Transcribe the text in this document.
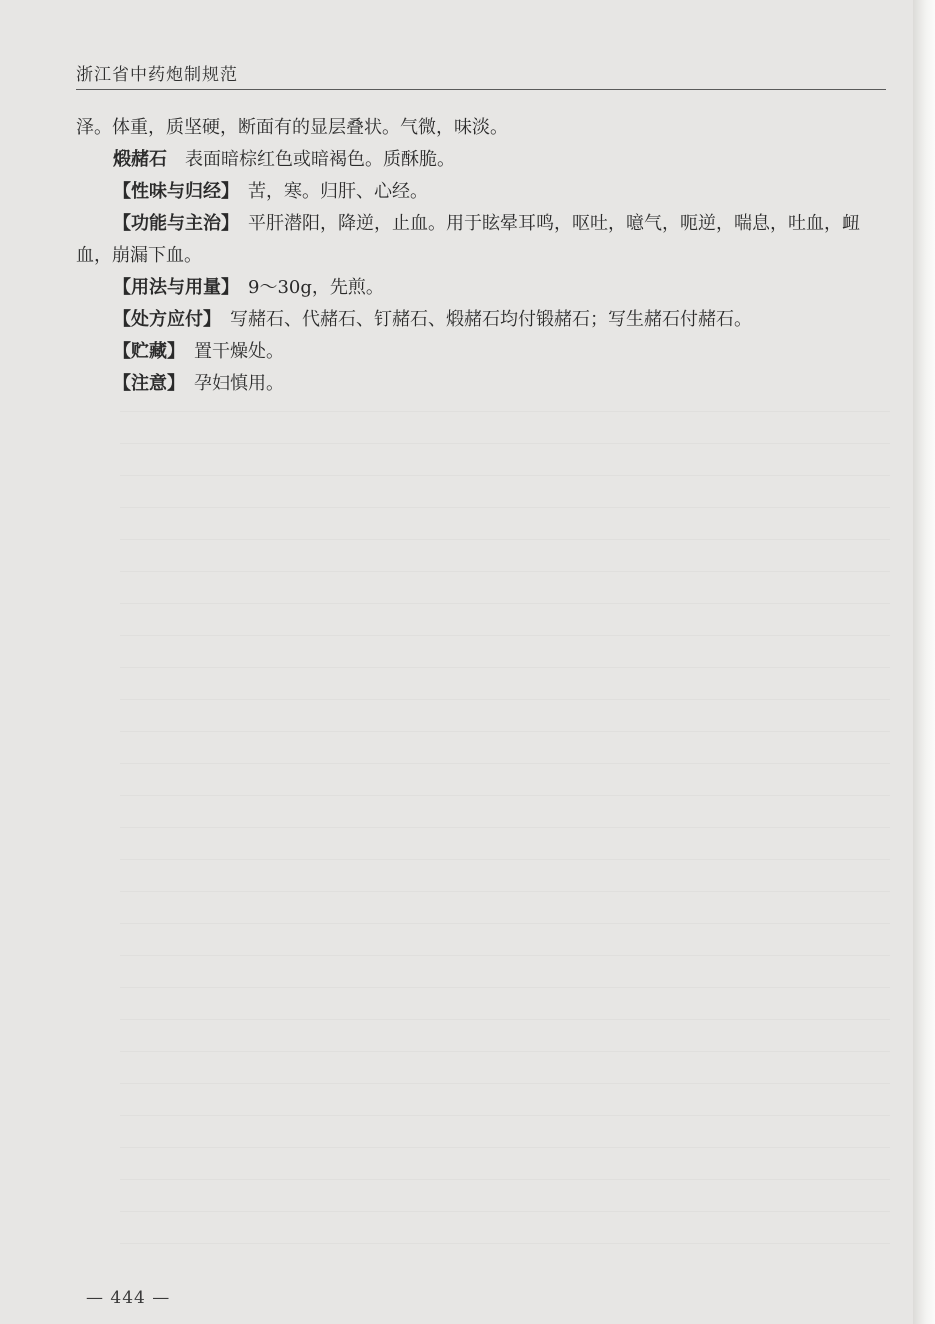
浙江省中药炮制规范

泽。体重，质坚硬，断面有的显层叠状。气微，味淡。

煅赭石　表面暗棕红色或暗褐色。质酥脆。

【性味与归经】　苦，寒。归肝、心经。

【功能与主治】　平肝潜阳，降逆，止血。用于眩晕耳鸣，呕吐，噫气，呃逆，喘息，吐血，衄血，崩漏下血。

【用法与用量】　9～30g，先煎。

【处方应付】　写赭石、代赭石、钉赭石、煅赭石均付锻赭石；写生赭石付赭石。

【贮藏】　置干燥处。

【注意】　孕妇慎用。

— 444 —
